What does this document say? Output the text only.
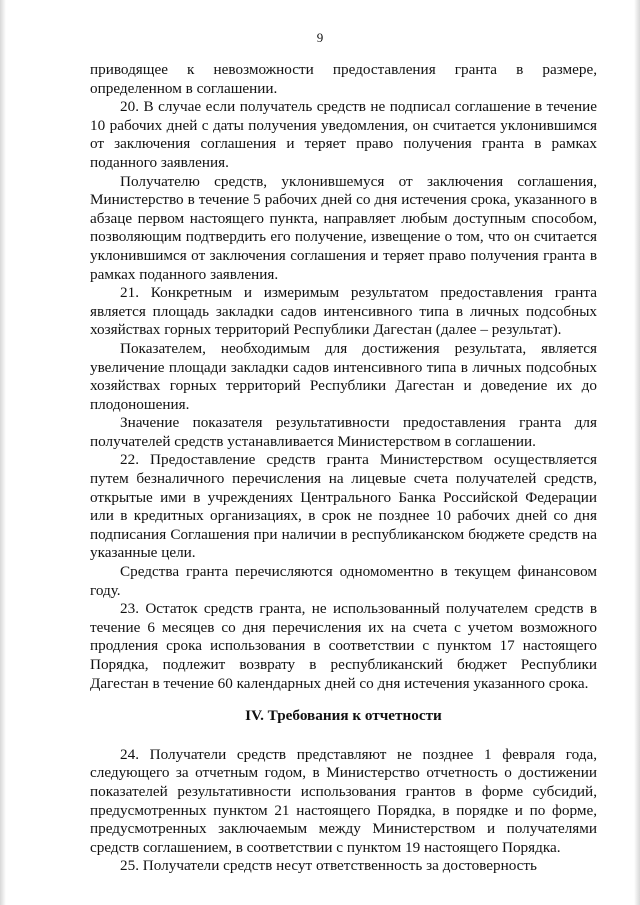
9

приводящее к невозможности предоставления гранта в размере, определенном в соглашении.

20. В случае если получатель средств не подписал соглашение в течение 10 рабочих дней с даты получения уведомления, он считается уклонившимся от заключения соглашения и теряет право получения гранта в рамках поданного заявления.

Получателю средств, уклонившемуся от заключения соглашения, Министерство в течение 5 рабочих дней со дня истечения срока, указанного в абзаце первом настоящего пункта, направляет любым доступным способом, позволяющим подтвердить его получение, извещение о том, что он считается уклонившимся от заключения соглашения и теряет право получения гранта в рамках поданного заявления.

21. Конкретным и измеримым результатом предоставления гранта является площадь закладки садов интенсивного типа в личных подсобных хозяйствах горных территорий Республики Дагестан (далее – результат).

Показателем, необходимым для достижения результата, является увеличение площади закладки садов интенсивного типа в личных подсобных хозяйствах горных территорий Республики Дагестан и доведение их до плодоношения.

Значение показателя результативности предоставления гранта для получателей средств устанавливается Министерством в соглашении.

22. Предоставление средств гранта Министерством осуществляется путем безналичного перечисления на лицевые счета получателей средств, открытые ими в учреждениях Центрального Банка Российской Федерации или в кредитных организациях, в срок не позднее 10 рабочих дней со дня подписания Соглашения при наличии в республиканском бюджете средств на указанные цели.

Средства гранта перечисляются одномоментно в текущем финансовом году.

23. Остаток средств гранта, не использованный получателем средств в течение 6 месяцев со дня перечисления их на счета с учетом возможного продления срока использования в соответствии с пунктом 17 настоящего Порядка, подлежит возврату в республиканский бюджет Республики Дагестан в течение 60 календарных дней со дня истечения указанного срока.

IV. Требования к отчетности

24. Получатели средств представляют не позднее 1 февраля года, следующего за отчетным годом, в Министерство отчетность о достижении показателей результативности использования грантов в форме субсидий, предусмотренных пунктом 21 настоящего Порядка, в порядке и по форме, предусмотренных заключаемым между Министерством и получателями средств соглашением, в соответствии с пунктом 19 настоящего Порядка.

25. Получатели средств несут ответственность за достоверность
